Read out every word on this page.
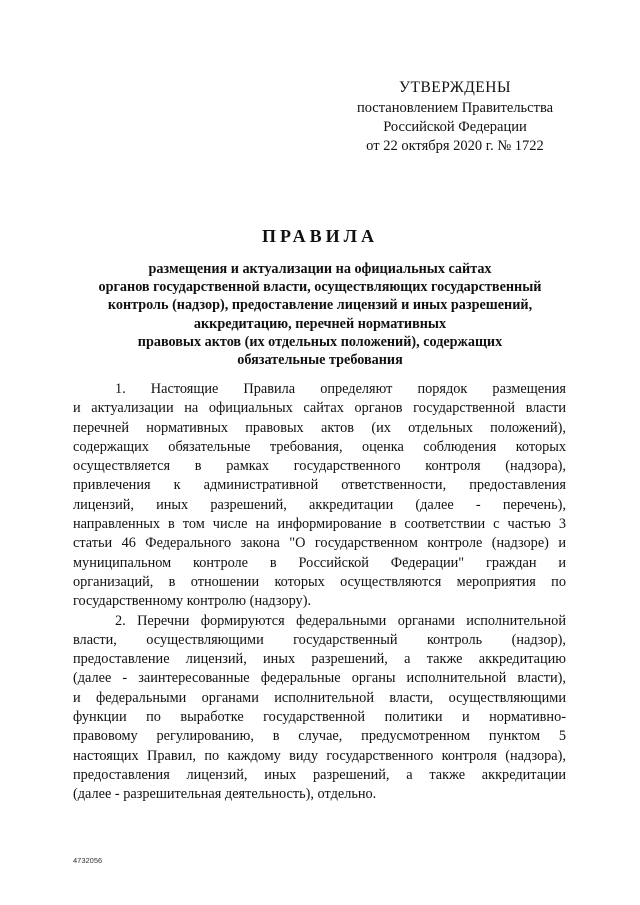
УТВЕРЖДЕНЫ
постановлением Правительства
Российской Федерации
от 22 октября 2020 г. № 1722
ПРАВИЛА
размещения и актуализации на официальных сайтах
органов государственной власти, осуществляющих государственный
контроль (надзор), предоставление лицензий и иных разрешений,
аккредитацию, перечней нормативных
правовых актов (их отдельных положений), содержащих
обязательные требования
1. Настоящие Правила определяют порядок размещения
и актуализации на официальных сайтах органов государственной власти
перечней нормативных правовых актов (их отдельных положений),
содержащих обязательные требования, оценка соблюдения которых
осуществляется в рамках государственного контроля (надзора),
привлечения к административной ответственности, предоставления
лицензий, иных разрешений, аккредитации (далее - перечень),
направленных в том числе на информирование в соответствии с частью 3
статьи 46 Федерального закона "О государственном контроле (надзоре) и
муниципальном контроле в Российской Федерации" граждан и
организаций, в отношении которых осуществляются мероприятия по
государственному контролю (надзору).
2. Перечни формируются федеральными органами исполнительной
власти, осуществляющими государственный контроль (надзор),
предоставление лицензий, иных разрешений, а также аккредитацию
(далее - заинтересованные федеральные органы исполнительной власти),
и федеральными органами исполнительной власти, осуществляющими
функции по выработке государственной политики и нормативно-
правовому регулированию, в случае, предусмотренном пунктом 5
настоящих Правил, по каждому виду государственного контроля (надзора),
предоставления лицензий, иных разрешений, а также аккредитации
(далее - разрешительная деятельность), отдельно.
4732056
